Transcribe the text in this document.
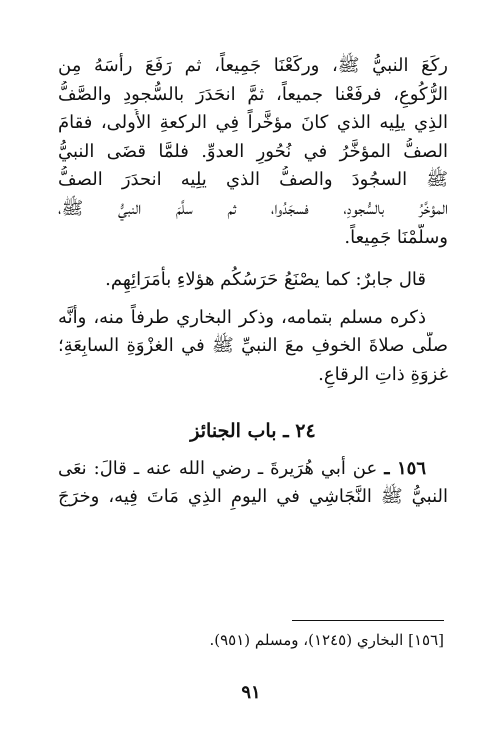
ركَعَ النبيُّ ﷺ، وركَعْنَا جَمِيعاً، ثم رَفَعَ رأْسَهُ مِن
الرُّكُوعِ، فرفَعْنا جميعاً، ثمَّ انحَدَرَ بالسُّجودِ والصَّفُّ
الذِي يلِيه الذي كانَ مؤخَّراً فِي الركعةِ الأُولى، فقامَ
الصفُّ المؤخَّرُ في نُحُورِ العدوِّ. فلمَّا قضَى النبيُّ
ﷺ السجُودَ والصفُّ الذي يلِيه انحدَرَ الصفُّ
المؤخَّرُ بالسُّجودِ، فسجَدُوا، ثم سلَّمَ النبيُّ ﷺ،
وسلَّمْنَا جَمِيعاً.
قال جابرٌ: كما يصْنَعُ حَرَسُكُم هؤلاءِ بأُمَرَائِهِم.
ذكره مسلم بتمامه، وذكر البخاري طرفاً منه، وأنَّه
صلَّى صلاةَ الخوفِ معَ النبيِّ ﷺ في الغزْوَةِ السابِعَةِ؛
غزوَةِ ذاتِ الرقاعِ.
٢٤ ـ باب الجنائز
١٥٦ ـ عن أبي هُرَيرةَ ـ رضي الله عنه ـ قالَ: نعَى
النبيُّ ﷺ النَّجَاشِي في اليومِ الذِي مَاتَ فِيه، وخرَجَ
[١٥٦] البخاري (١٢٤٥)، ومسلم (٩٥١).
٩١
